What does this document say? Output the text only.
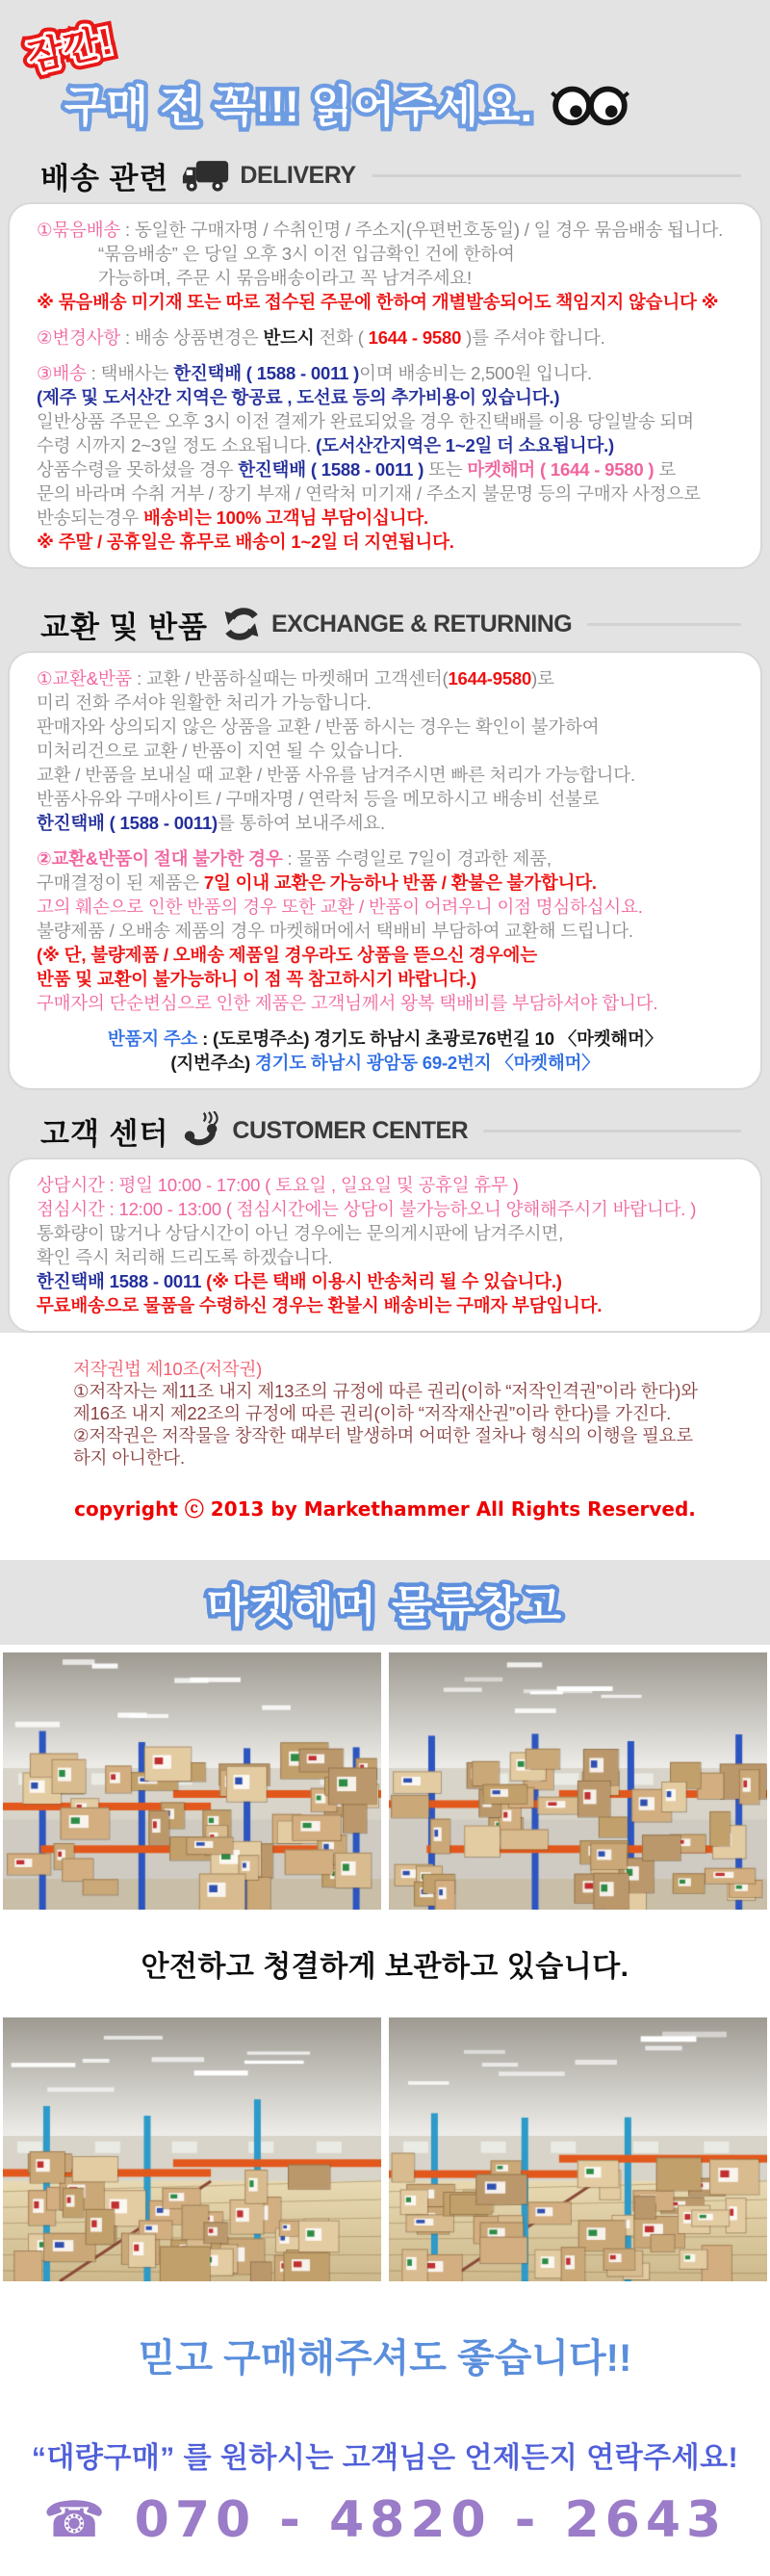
잠깐! 잠깐! 잠깐!
구매 전 꼭!!! 읽어주세요. 구매 전 꼭!!! 읽어주세요.
배송 관련	DELIVERY
①묶음배송 : 동일한 구매자명 / 수취인명 / 주소지(우편번호동일) / 일 경우 묶음배송 됩니다.
“묶음배송” 은 당일 오후 3시 이전 입금확인 건에 한하여
가능하며, 주문 시 묶음배송이라고 꼭 남겨주세요!
※ 묶음배송 미기재 또는 따로 접수된 주문에 한하여 개별발송되어도 책임지지 않습니다 ※
②변경사항 : 배송 상품변경은 반드시 전화 ( 1644 - 9580 )를 주셔야 합니다.
③배송 : 택배사는 한진택배 ( 1588 - 0011 )이며 배송비는 2,500원 입니다.
(제주 및 도서산간 지역은 항공료 , 도선료 등의 추가비용이 있습니다.)
일반상품 주문은 오후 3시 이전 결제가 완료되었을 경우 한진택배를 이용 당일발송 되며
수령 시까지 2~3일 정도 소요됩니다. (도서산간지역은 1~2일 더 소요됩니다.)
상품수령을 못하셨을 경우 한진택배 ( 1588 - 0011 ) 또는 마켓해머 ( 1644 - 9580 ) 로
문의 바라며 수취 거부 / 장기 부재 / 연락처 미기재 / 주소지 불문명 등의 구매자 사정으로
반송되는경우 배송비는 100% 고객님 부담이십니다.
※ 주말 / 공휴일은 휴무로 배송이 1~2일 더 지연됩니다.
교환 및 반품	EXCHANGE & RETURNING
①교환&반품 : 교환 / 반품하실때는 마켓해머 고객센터(1644-9580)로
미리 전화 주셔야 원활한 처리가 가능합니다.
판매자와 상의되지 않은 상품을 교환 / 반품 하시는 경우는 확인이 불가하여
미처리건으로 교환 / 반품이 지연 될 수 있습니다.
교환 / 반품을 보내실 때 교환 / 반품 사유를 남겨주시면 빠른 처리가 가능합니다.
반품사유와 구매사이트 / 구매자명 / 연락처 등을 메모하시고 배송비 선불로
한진택배 ( 1588 - 0011)를 통하여 보내주세요.
②교환&반품이 절대 불가한 경우 : 물품 수령일로 7일이 경과한 제품,
구매결정이 된 제품은 7일 이내 교환은 가능하나 반품 / 환불은 불가합니다.
고의 훼손으로 인한 반품의 경우 또한 교환 / 반품이 어려우니 이점 명심하십시요.
불량제품 / 오배송 제품의 경우 마켓해머에서 택배비 부담하여 교환해 드립니다.
(※ 단, 불량제품 / 오배송 제품일 경우라도 상품을 뜯으신 경우에는
반품 및 교환이 불가능하니 이 점 꼭 참고하시기 바랍니다.)
구매자의 단순변심으로 인한 제품은 고객님께서 왕복 택배비를 부담하셔야 합니다.
반품지 주소 : (도로명주소) 경기도 하남시 초광로76번길 10 〈마켓해머〉
(지번주소) 경기도 하남시 광암동 69-2번지 〈마켓해머〉
고객 센터	CUSTOMER CENTER
상담시간 : 평일 10:00 - 17:00 ( 토요일 , 일요일 및 공휴일 휴무 )
점심시간 : 12:00 - 13:00 ( 점심시간에는 상담이 불가능하오니 양해해주시기 바랍니다. )
통화량이 많거나 상담시간이 아닌 경우에는 문의게시판에 남겨주시면,
확인 즉시 처리해 드리도록 하겠습니다.
한진택배 1588 - 0011 (※ 다른 택배 이용시 반송처리 될 수 있습니다.)
무료배송으로 물품을 수령하신 경우는 환불시 배송비는 구매자 부담입니다.
저작권법 제10조(저작권)
①저작자는 제11조 내지 제13조의 규정에 따른 권리(이하 “저작인격권”이라 한다)와
제16조 내지 제22조의 규정에 따른 권리(이하 “저작재산권”이라 한다)를 가진다.
②저작권은 저작물을 창작한 때부터 발생하며 어떠한 절차나 형식의 이행을 필요로
하지 아니한다.
copyright ⓒ 2013 by Markethammer All Rights Reserved.
마켓해머 물류창고 마켓해머 물류창고
안전하고 청결하게 보관하고 있습니다.
믿고 구매해주셔도 좋습니다!!
“대량구매” 를 원하시는 고객님은 언제든지 연락주세요!
☎ 070 - 4820 - 2643
